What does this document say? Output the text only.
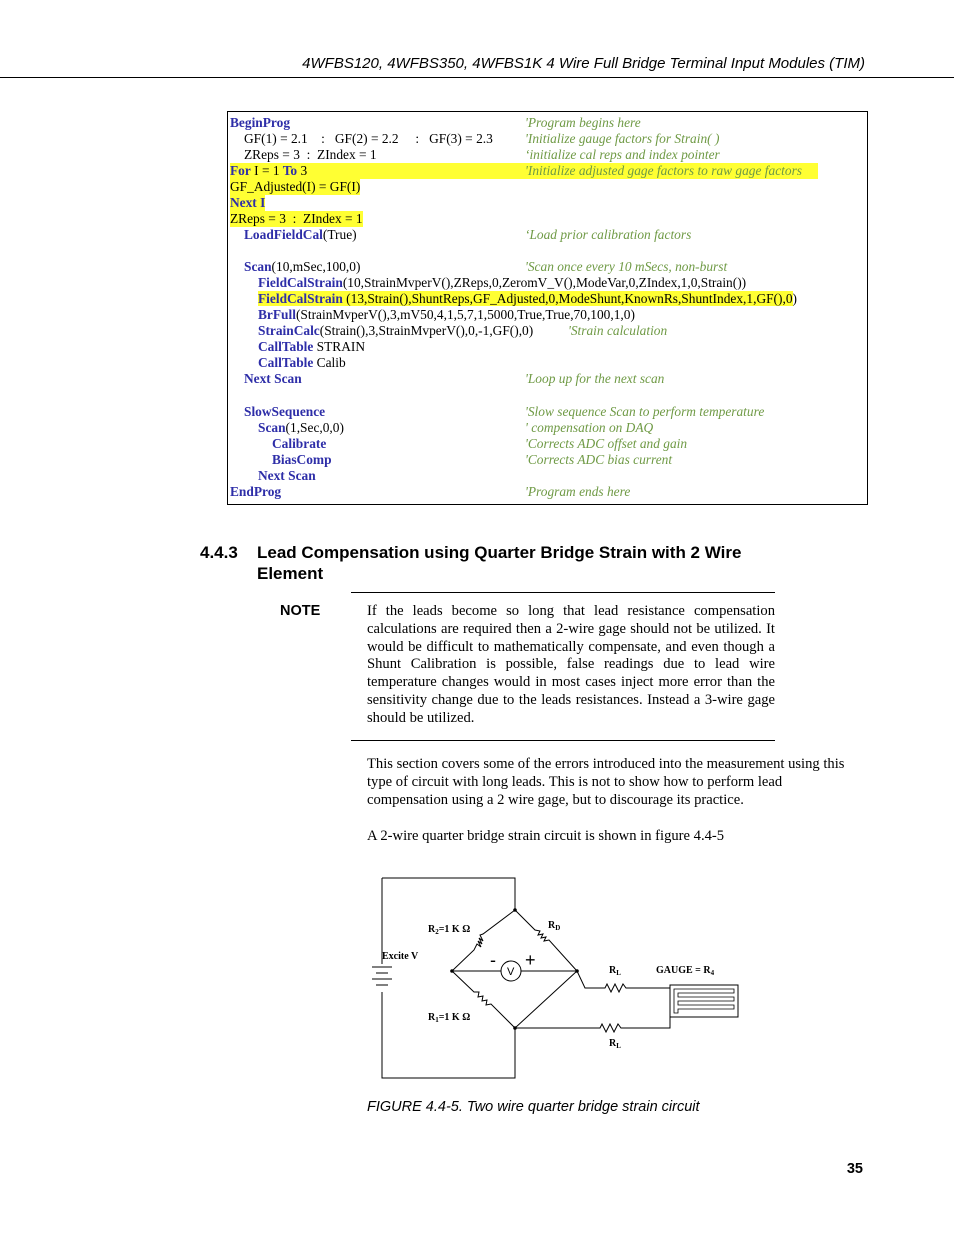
4WFBS120, 4WFBS350, 4WFBS1K 4 Wire Full Bridge Terminal Input Modules (TIM)
BeginProg	'Program begins here
GF(1) = 2.1    :   GF(2) = 2.2     :   GF(3) = 2.3 'Initialize gauge factors for Strain( )
ZReps = 3  :  ZIndex = 1	‘initialize cal reps and index pointer
For I = 1 To 3	'Initialize adjusted gage factors to raw gage factors
GF_Adjusted(I) = GF(I)
Next I
ZReps = 3  :  ZIndex = 1
LoadFieldCal(True)	‘Load prior calibration factors
Scan(10,mSec,100,0)	'Scan once every 10 mSecs, non-burst
FieldCalStrain(10,StrainMvperV(),ZReps,0,ZeromV_V(),ModeVar,0,ZIndex,1,0,Strain())
FieldCalStrain (13,Strain(),ShuntReps,GF_Adjusted,0,ModeShunt,KnownRs,ShuntIndex,1,GF(),0)
BrFull(StrainMvperV(),3,mV50,4,1,5,7,1,5000,True,True,70,100,1,0)
StrainCalc(Strain(),3,StrainMvperV(),0,-1,GF(),0)	'Strain calculation
CallTable STRAIN
CallTable Calib
Next Scan	'Loop up for the next scan
SlowSequence	'Slow sequence Scan to perform temperature
Scan(1,Sec,0,0)	' compensation on DAQ
Calibrate	'Corrects ADC offset and gain
BiasComp	'Corrects ADC bias current
Next Scan
EndProg	'Program ends here
4.4.3 Lead Compensation using Quarter Bridge Strain with 2 Wire
Element
NOTE	If the leads become so long that lead resistance compensation calculations are required then a 2-wire gage should not be utilized. It would be difficult to mathematically compensate, and even though a Shunt Calibration is possible, false readings due to lead wire temperature changes would in most cases inject more error than the sensitivity change due to the leads resistances. Instead a 3-wire gage should be utilized.
This section covers some of the errors introduced into the measurement using this type of circuit with long leads. This is not to show how to perform lead compensation using a 2 wire gage, but to discourage its practice.
A 2-wire quarter bridge strain circuit is shown in figure 4.4-5
Excite V
$R_2=1$ K Ω
$R_1=1$ K Ω
$R_D$
$R_L$
$R_L$
GAUGE = $R_4$
V
- +
FIGURE 4.4-5. Two wire quarter bridge strain circuit
35
